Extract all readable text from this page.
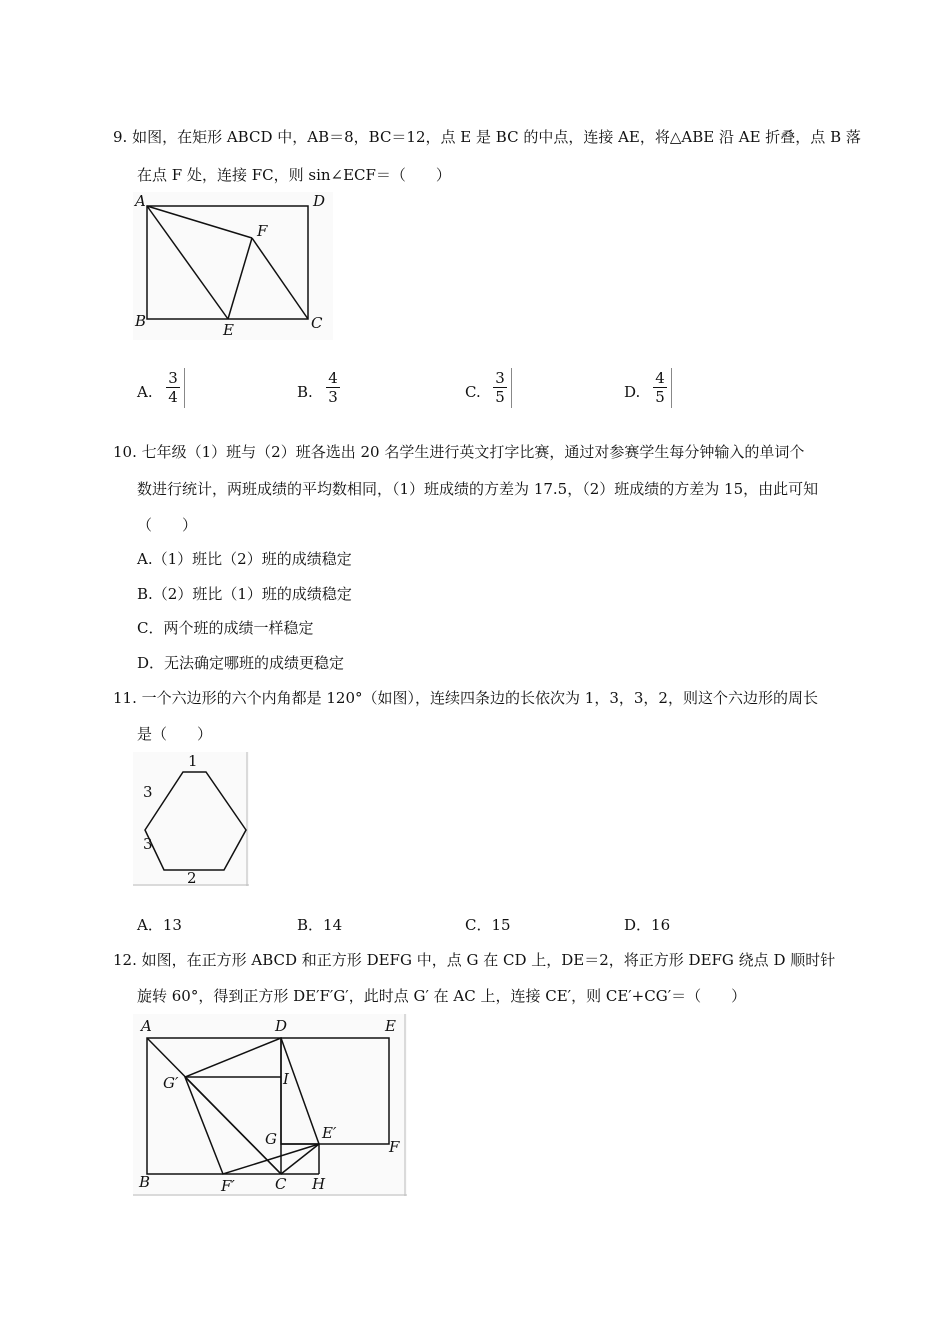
9. 如图，在矩形 ABCD 中，AB＝8，BC＝12，点 E 是 BC 的中点，连接 AE，将△ABE 沿 AE 折叠，点 B 落
在点 F 处，连接 FC，则 sin∠ECF＝（　　）
A	D
F
B	E	C
A. $\frac{3}{4}$	B. $\frac{4}{3}$	C. $\frac{3}{5}$	D. $\frac{4}{5}$
10. 七年级（1）班与（2）班各选出 20 名学生进行英文打字比赛，通过对参赛学生每分钟输入的单词个
数进行统计，两班成绩的平均数相同，（1）班成绩的方差为 17.5，（2）班成绩的方差为 15，由此可知
（　　）
A.（1）班比（2）班的成绩稳定
B.（2）班比（1）班的成绩稳定
C．两个班的成绩一样稳定
D．无法确定哪班的成绩更稳定
11. 一个六边形的六个内角都是 120°（如图），连续四条边的长依次为 1，3，3，2，则这个六边形的周长
是（　　）
1
3
3
2
A．13	B．14	C．15	D．16
12. 如图，在正方形 ABCD 和正方形 DEFG 中，点 G 在 CD 上，DE＝2，将正方形 DEFG 绕点 D 顺时针
旋转 60°，得到正方形 DE′F′G′，此时点 G′ 在 AC 上，连接 CE′，则 CE′+CG′＝（　　）
A	D	E
G′	I
G	E′
F
B	F′	C H
